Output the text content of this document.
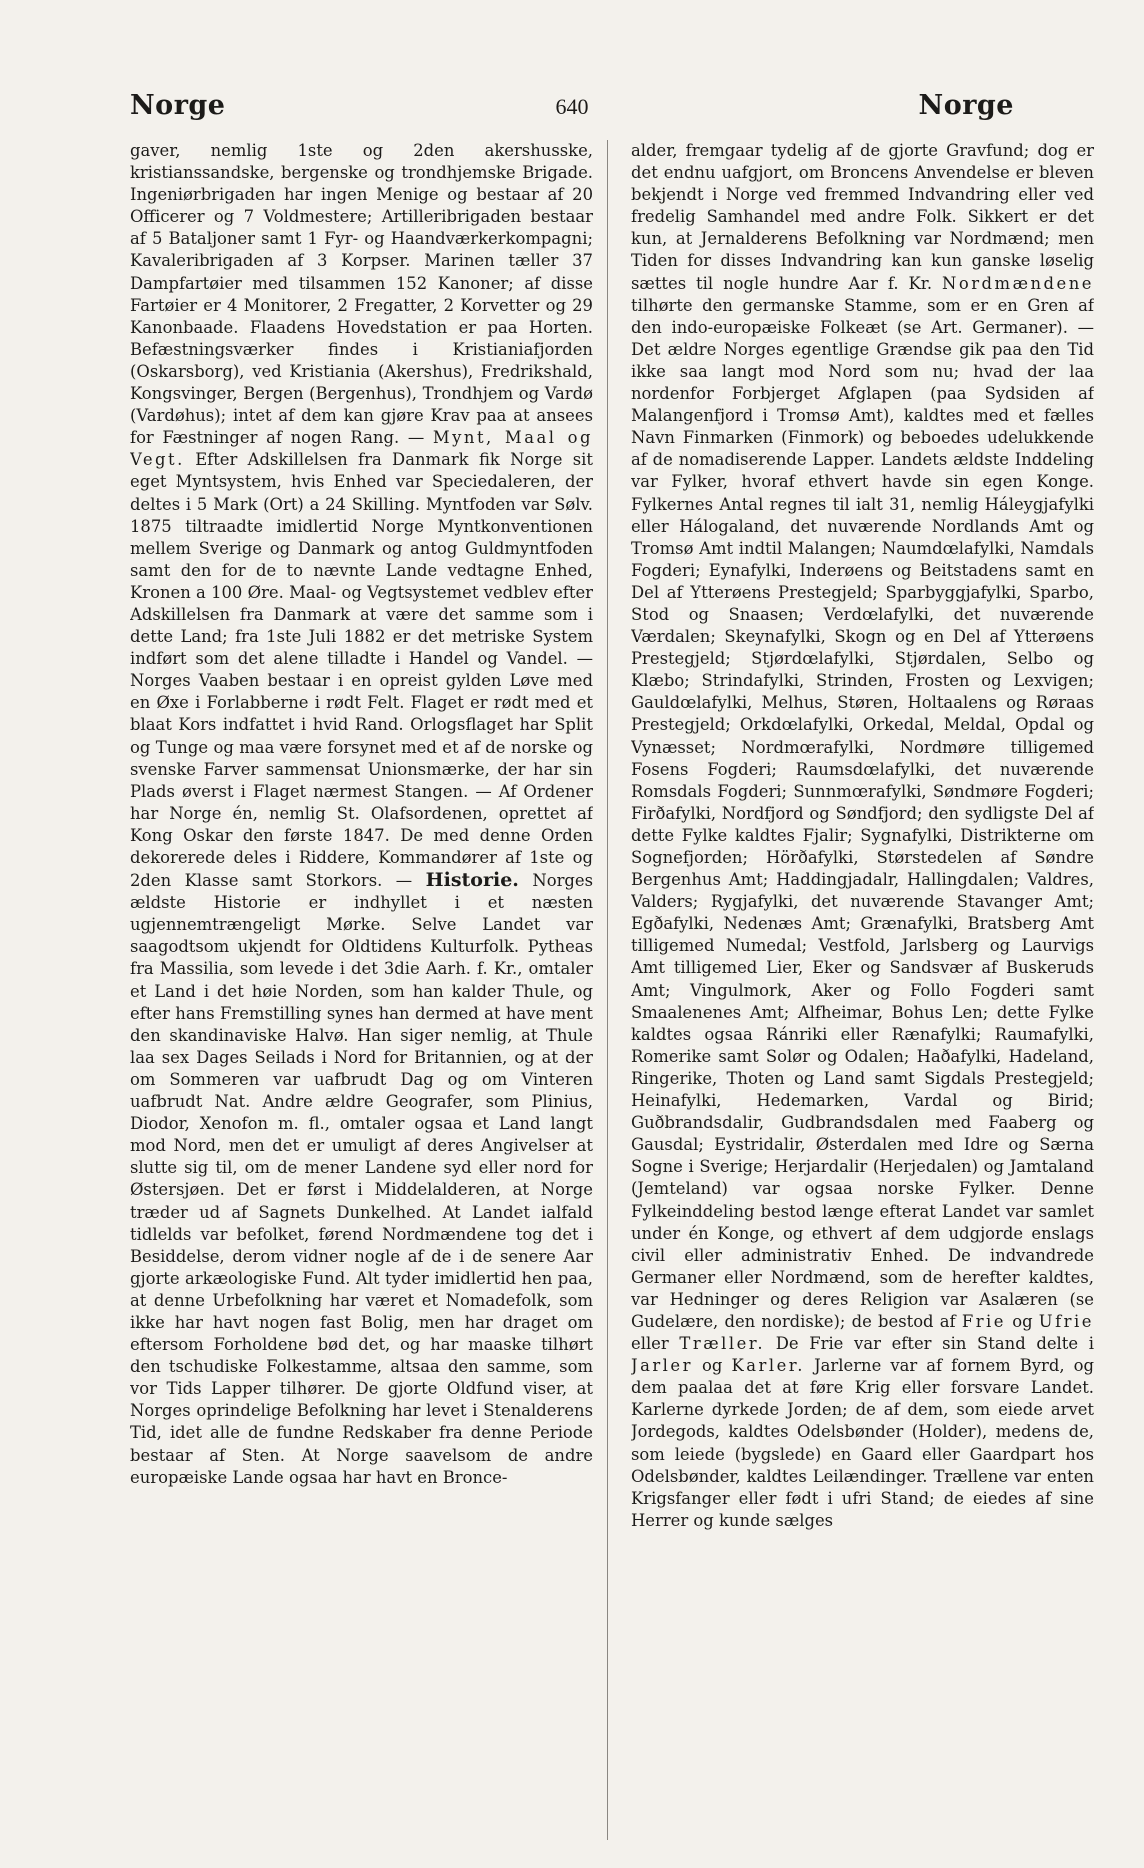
Norge	640	Norge

gaver, nemlig 1ste og 2den akershusske, kristianssandske, bergenske og trondhjemske Brigade. Ingeniørbrigaden har ingen Menige og bestaar af 20 Officerer og 7 Voldmestere; Artilleribrigaden bestaar af 5 Bataljoner samt 1 Fyr- og Haandværkerkompagni; Kavaleribrigaden af 3 Korpser. Marinen tæller 37 Dampfartøier med tilsammen 152 Kanoner; af disse Fartøier er 4 Monitorer, 2 Fregatter, 2 Korvetter og 29 Kanonbaade. Flaadens Hovedstation er paa Horten. Befæstningsværker findes i Kristianiafjorden (Oskarsborg), ved Kristiania (Akershus), Fredrikshald, Kongsvinger, Bergen (Bergenhus), Trondhjem og Vardø (Vardøhus); intet af dem kan gjøre Krav paa at ansees for Fæstninger af nogen Rang. — Mynt, Maal og Vegt. Efter Adskillelsen fra Danmark fik Norge sit eget Myntsystem, hvis Enhed var Speciedaleren, der deltes i 5 Mark (Ort) a 24 Skilling. Myntfoden var Sølv. 1875 tiltraadte imidlertid Norge Myntkonventionen mellem Sverige og Danmark og antog Guldmyntfoden samt den for de to nævnte Lande vedtagne Enhed, Kronen a 100 Øre. Maal- og Vegtsystemet vedblev efter Adskillelsen fra Danmark at være det samme som i dette Land; fra 1ste Juli 1882 er det metriske System indført som det alene tilladte i Handel og Vandel. — Norges Vaaben bestaar i en opreist gylden Løve med en Øxe i Forlabberne i rødt Felt. Flaget er rødt med et blaat Kors indfattet i hvid Rand. Orlogsflaget har Split og Tunge og maa være forsynet med et af de norske og svenske Farver sammensat Unionsmærke, der har sin Plads øverst i Flaget nærmest Stangen. — Af Ordener har Norge én, nemlig St. Olafsordenen, oprettet af Kong Oskar den første 1847. De med denne Orden dekorerede deles i Riddere, Kommandører af 1ste og 2den Klasse samt Storkors. — Historie. Norges ældste Historie er indhyllet i et næsten ugjennemtrængeligt Mørke. Selve Landet var saagodtsom ukjendt for Oldtidens Kulturfolk. Pytheas fra Massilia, som levede i det 3die Aarh. f. Kr., omtaler et Land i det høie Norden, som han kalder Thule, og efter hans Fremstilling synes han dermed at have ment den skandinaviske Halvø. Han siger nemlig, at Thule laa sex Dages Seilads i Nord for Britannien, og at der om Sommeren var uafbrudt Dag og om Vinteren uafbrudt Nat. Andre ældre Geografer, som Plinius, Diodor, Xenofon m. fl., omtaler ogsaa et Land langt mod Nord, men det er umuligt af deres Angivelser at slutte sig til, om de mener Landene syd eller nord for Østersjøen. Det er først i Middelalderen, at Norge træder ud af Sagnets Dunkelhed. At Landet ialfald tidlelds var befolket, førend Nordmændene tog det i Besiddelse, derom vidner nogle af de i de senere Aar gjorte arkæologiske Fund. Alt tyder imidlertid hen paa, at denne Urbefolkning har været et Nomadefolk, som ikke har havt nogen fast Bolig, men har draget om eftersom Forholdene bød det, og har maaske tilhørt den tschudiske Folkestamme, altsaa den samme, som vor Tids Lapper tilhører. De gjorte Oldfund viser, at Norges oprindelige Befolkning har levet i Stenalderens Tid, idet alle de fundne Redskaber fra denne Periode bestaar af Sten. At Norge saavelsom de andre europæiske Lande ogsaa har havt en Bronce-

alder, fremgaar tydelig af de gjorte Gravfund; dog er det endnu uafgjort, om Broncens Anvendelse er bleven bekjendt i Norge ved fremmed Indvandring eller ved fredelig Samhandel med andre Folk. Sikkert er det kun, at Jernalderens Befolkning var Nordmænd; men Tiden for disses Indvandring kan kun ganske løselig sættes til nogle hundre Aar f. Kr. Nordmændene tilhørte den germanske Stamme, som er en Gren af den indo-europæiske Folkeæt (se Art. Germaner). — Det ældre Norges egentlige Grændse gik paa den Tid ikke saa langt mod Nord som nu; hvad der laa nordenfor Forbjerget Afglapen (paa Sydsiden af Malangenfjord i Tromsø Amt), kaldtes med et fælles Navn Finmarken (Finmork) og beboedes udelukkende af de nomadiserende Lapper. Landets ældste Inddeling var Fylker, hvoraf ethvert havde sin egen Konge. Fylkernes Antal regnes til ialt 31, nemlig Háleygjafylki eller Hálogaland, det nuværende Nordlands Amt og Tromsø Amt indtil Malangen; Naumdœlafylki, Namdals Fogderi; Eynafylki, Inderøens og Beitstadens samt en Del af Ytterøens Prestegjeld; Sparbyggjafylki, Sparbo, Stod og Snaasen; Verdœlafylki, det nuværende Værdalen; Skeynafylki, Skogn og en Del af Ytterøens Prestegjeld; Stjørdœlafylki, Stjørdalen, Selbo og Klæbo; Strindafylki, Strinden, Frosten og Lexvigen; Gauldœlafylki, Melhus, Støren, Holtaalens og Røraas Prestegjeld; Orkdœlafylki, Orkedal, Meldal, Opdal og Vynæsset; Nordmœrafylki, Nordmøre tilligemed Fosens Fogderi; Raumsdœlafylki, det nuværende Romsdals Fogderi; Sunnmœrafylki, Søndmøre Fogderi; Firðafylki, Nordfjord og Søndfjord; den sydligste Del af dette Fylke kaldtes Fjalir; Sygnafylki, Distrikterne om Sognefjorden; Hörðafylki, Størstedelen af Søndre Bergenhus Amt; Haddingjadalr, Hallingdalen; Valdres, Valders; Rygjafylki, det nuværende Stavanger Amt; Egðafylki, Nedenæs Amt; Grænafylki, Bratsberg Amt tilligemed Numedal; Vestfold, Jarlsberg og Laurvigs Amt tilligemed Lier, Eker og Sandsvær af Buskeruds Amt; Vingulmork, Aker og Follo Fogderi samt Smaalenenes Amt; Alfheimar, Bohus Len; dette Fylke kaldtes ogsaa Ránriki eller Rænafylki; Raumafylki, Romerike samt Solør og Odalen; Haðafylki, Hadeland, Ringerike, Thoten og Land samt Sigdals Prestegjeld; Heinafylki, Hedemarken, Vardal og Birid; Guðbrandsdalir, Gudbrandsdalen med Faaberg og Gausdal; Eystridalir, Østerdalen med Idre og Særna Sogne i Sverige; Herjardalir (Herjedalen) og Jamtaland (Jemteland) var ogsaa norske Fylker. Denne Fylkeinddeling bestod længe efterat Landet var samlet under én Konge, og ethvert af dem udgjorde enslags civil eller administrativ Enhed. De indvandrede Germaner eller Nordmænd, som de herefter kaldtes, var Hedninger og deres Religion var Asalæren (se Gudelære, den nordiske); de bestod af Frie og Ufrie eller Træller. De Frie var efter sin Stand delte i Jarler og Karler. Jarlerne var af fornem Byrd, og dem paalaa det at føre Krig eller forsvare Landet. Karlerne dyrkede Jorden; de af dem, som eiede arvet Jordegods, kaldtes Odelsbønder (Holder), medens de, som leiede (bygslede) en Gaard eller Gaardpart hos Odelsbønder, kaldtes Leilændinger. Trællene var enten Krigsfanger eller født i ufri Stand; de eiedes af sine Herrer og kunde sælges
